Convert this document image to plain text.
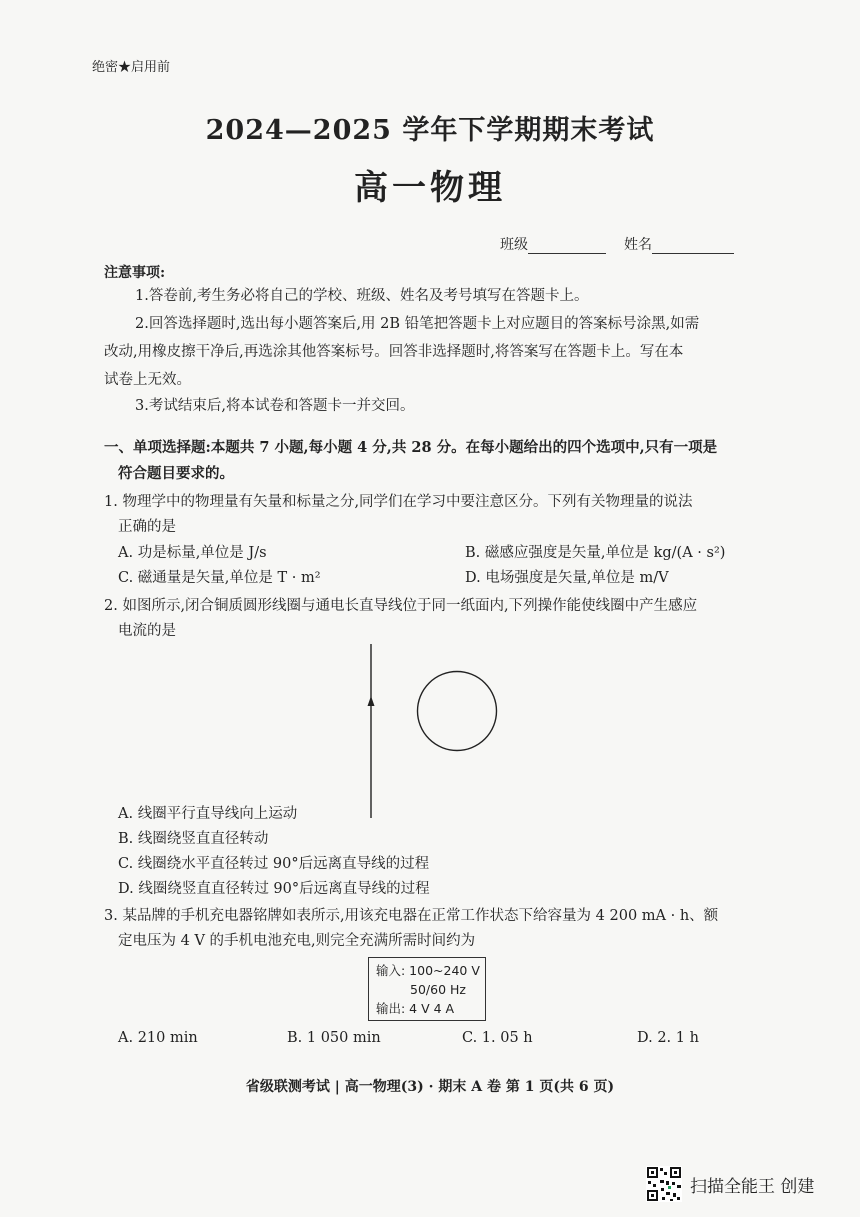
绝密★启用前
2024—2025 学年下学期期末考试
高一物理
班级	姓名
注意事项:
1.答卷前,考生务必将自己的学校、班级、姓名及考号填写在答题卡上。
2.回答选择题时,选出每小题答案后,用 2B 铅笔把答题卡上对应题目的答案标号涂黑,如需
改动,用橡皮擦干净后,再选涂其他答案标号。回答非选择题时,将答案写在答题卡上。写在本
试卷上无效。
3.考试结束后,将本试卷和答题卡一并交回。
一、单项选择题:本题共 7 小题,每小题 4 分,共 28 分。在每小题给出的四个选项中,只有一项是
符合题目要求的。
1. 物理学中的物理量有矢量和标量之分,同学们在学习中要注意区分。下列有关物理量的说法
正确的是
A. 功是标量,单位是 J/s	B. 磁感应强度是矢量,单位是 kg/(A · s²)
C. 磁通量是矢量,单位是 T · m²	D. 电场强度是矢量,单位是 m/V
2. 如图所示,闭合铜质圆形线圈与通电长直导线位于同一纸面内,下列操作能使线圈中产生感应
电流的是
A. 线圈平行直导线向上运动
B. 线圈绕竖直直径转动
C. 线圈绕水平直径转过 90°后远离直导线的过程
D. 线圈绕竖直直径转过 90°后远离直导线的过程
3. 某品牌的手机充电器铭牌如表所示,用该充电器在正常工作状态下给容量为 4 200 mA · h、额
定电压为 4 V 的手机电池充电,则完全充满所需时间约为
输入: 100~240 V
50/60 Hz
输出: 4 V 4 A
A. 210 min	B. 1 050 min	C. 1. 05 h	D. 2. 1 h
省级联测考试 | 高一物理(3) · 期末 A 卷 第 1 页(共 6 页)
扫描全能王 创建
